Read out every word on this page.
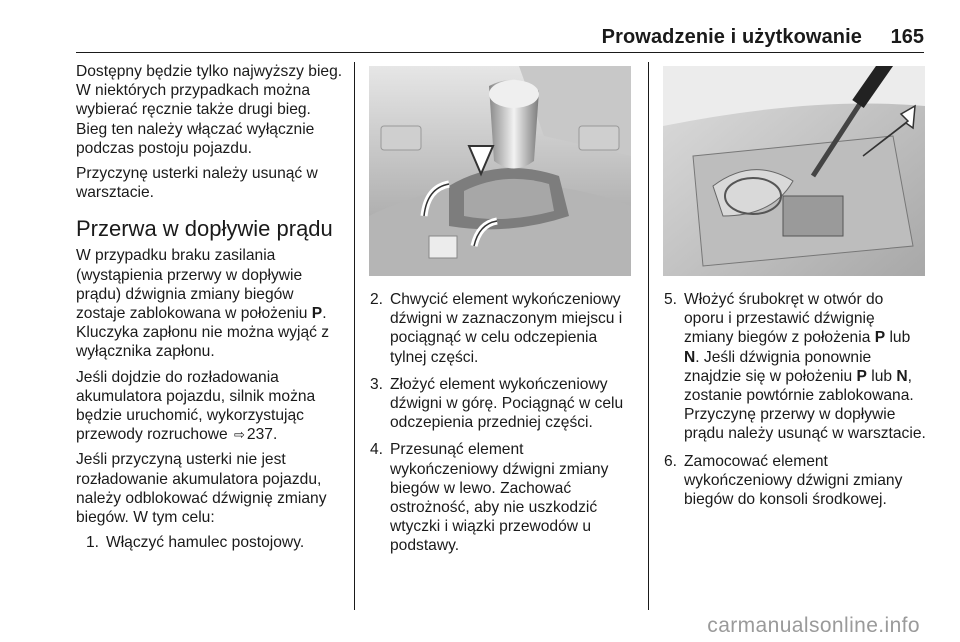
Prowadzenie i użytkowanie 165

Dostępny będzie tylko najwyższy bieg. W niektórych przypadkach można wybierać ręcznie także drugi bieg. Bieg ten należy włączać wyłącznie podczas postoju pojazdu.

Przyczynę usterki należy usunąć w warsztacie.

Przerwa w dopływie prądu

W przypadku braku zasilania (wystąpienia przerwy w dopływie prądu) dźwignia zmiany biegów zostaje zablokowana w położeniu P. Kluczyka zapłonu nie można wyjąć z wyłącznika zapłonu.

Jeśli dojdzie do rozładowania akumulatora pojazdu, silnik można będzie uruchomić, wykorzystując przewody rozruchowe ⇨ 237.

Jeśli przyczyną usterki nie jest rozładowanie akumulatora pojazdu, należy odblokować dźwignię zmiany biegów. W tym celu:

1. Włączyć hamulec postojowy.
2. Chwycić element wykończeniowy dźwigni w zaznaczonym miejscu i pociągnąć w celu odczepienia tylnej części.
3. Złożyć element wykończeniowy dźwigni w górę. Pociągnąć w celu odczepienia przedniej części.
4. Przesunąć element wykończeniowy dźwigni zmiany biegów w lewo. Zachować ostrożność, aby nie uszkodzić wtyczki i wiązki przewodów u podstawy.
5. Włożyć śrubokręt w otwór do oporu i przestawić dźwignię zmiany biegów z położenia P lub N. Jeśli dźwignia ponownie znajdzie się w położeniu P lub N, zostanie powtórnie zablokowana. Przyczynę przerwy w dopływie prądu należy usunąć w warsztacie.
6. Zamocować element wykończeniowy dźwigni zmiany biegów do konsoli środkowej.
carmanualsonline.info
